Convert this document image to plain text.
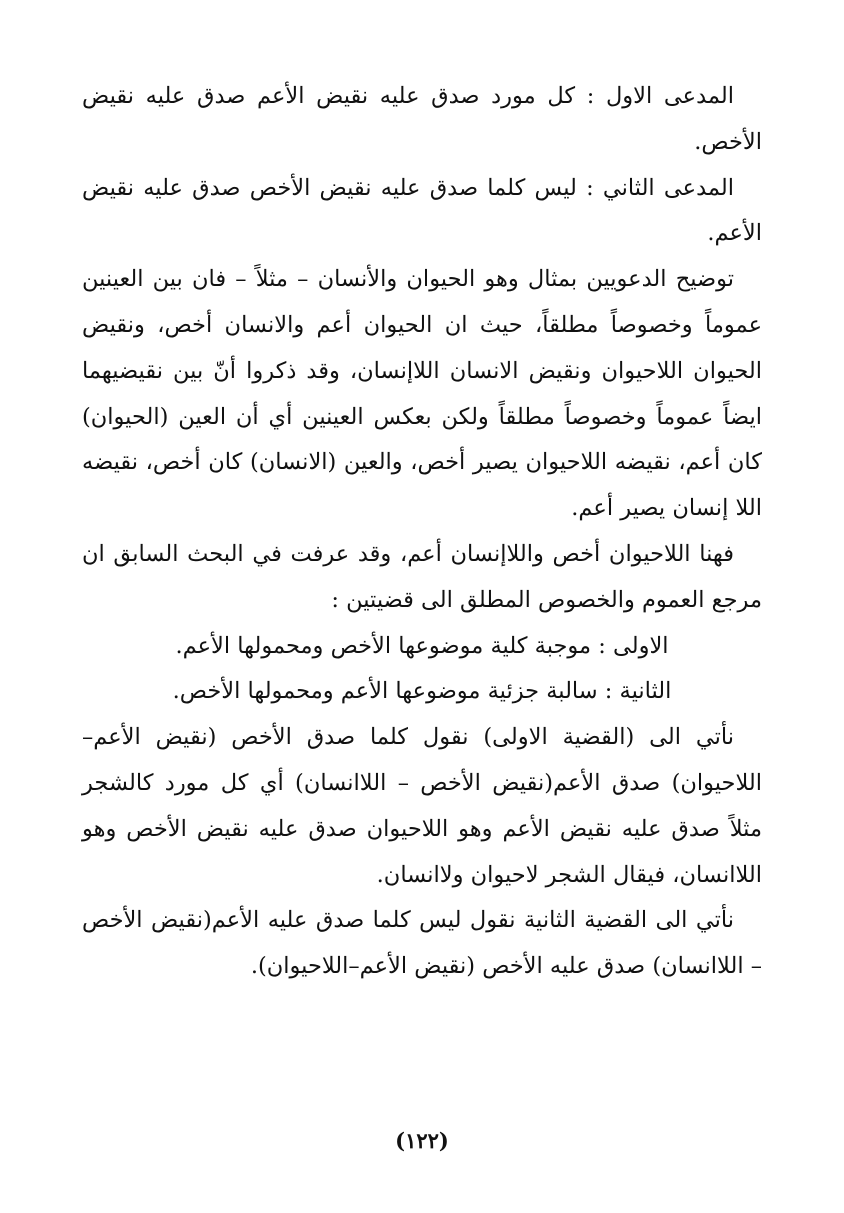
المدعى الاول : كل مورد صدق عليه نقيض الأعم صدق عليه نقيض الأخص.

المدعى الثاني : ليس كلما صدق عليه نقيض الأخص صدق عليه نقيض الأعم.

توضيح الدعويين بمثال وهو الحيوان والأنسان – مثلاً – فان بين العينين عموماً وخصوصاً مطلقاً، حيث ان الحيوان أعم والانسان أخص، ونقيض الحيوان اللاحيوان ونقيض الانسان اللاإنسان، وقد ذكروا أنّ بين نقيضيهما ايضاً عموماً وخصوصاً مطلقاً ولكن بعكس العينين أي أن العين (الحيوان) كان أعم، نقيضه اللاحيوان يصير أخص، والعين (الانسان) كان أخص، نقيضه اللا إنسان يصير أعم.

فهنا اللاحيوان أخص واللاإنسان أعم، وقد عرفت في البحث السابق ان مرجع العموم والخصوص المطلق الى قضيتين :

الاولى : موجبة كلية موضوعها الأخص ومحمولها الأعم.

الثانية : سالبة جزئية موضوعها الأعم ومحمولها الأخص.

نأتي الى (القضية الاولى) نقول كلما صدق الأخص (نقيض الأعم– اللاحيوان) صدق الأعم(نقيض الأخص – اللاانسان) أي كل مورد كالشجر مثلاً صدق عليه نقيض الأعم وهو اللاحيوان صدق عليه نقيض الأخص وهو اللاانسان، فيقال الشجر لاحيوان ولاانسان.

نأتي الى القضية الثانية نقول ليس كلما صدق عليه الأعم(نقيض الأخص – اللاانسان) صدق عليه الأخص (نقيض الأعم–اللاحيوان).

(١٢٢)
